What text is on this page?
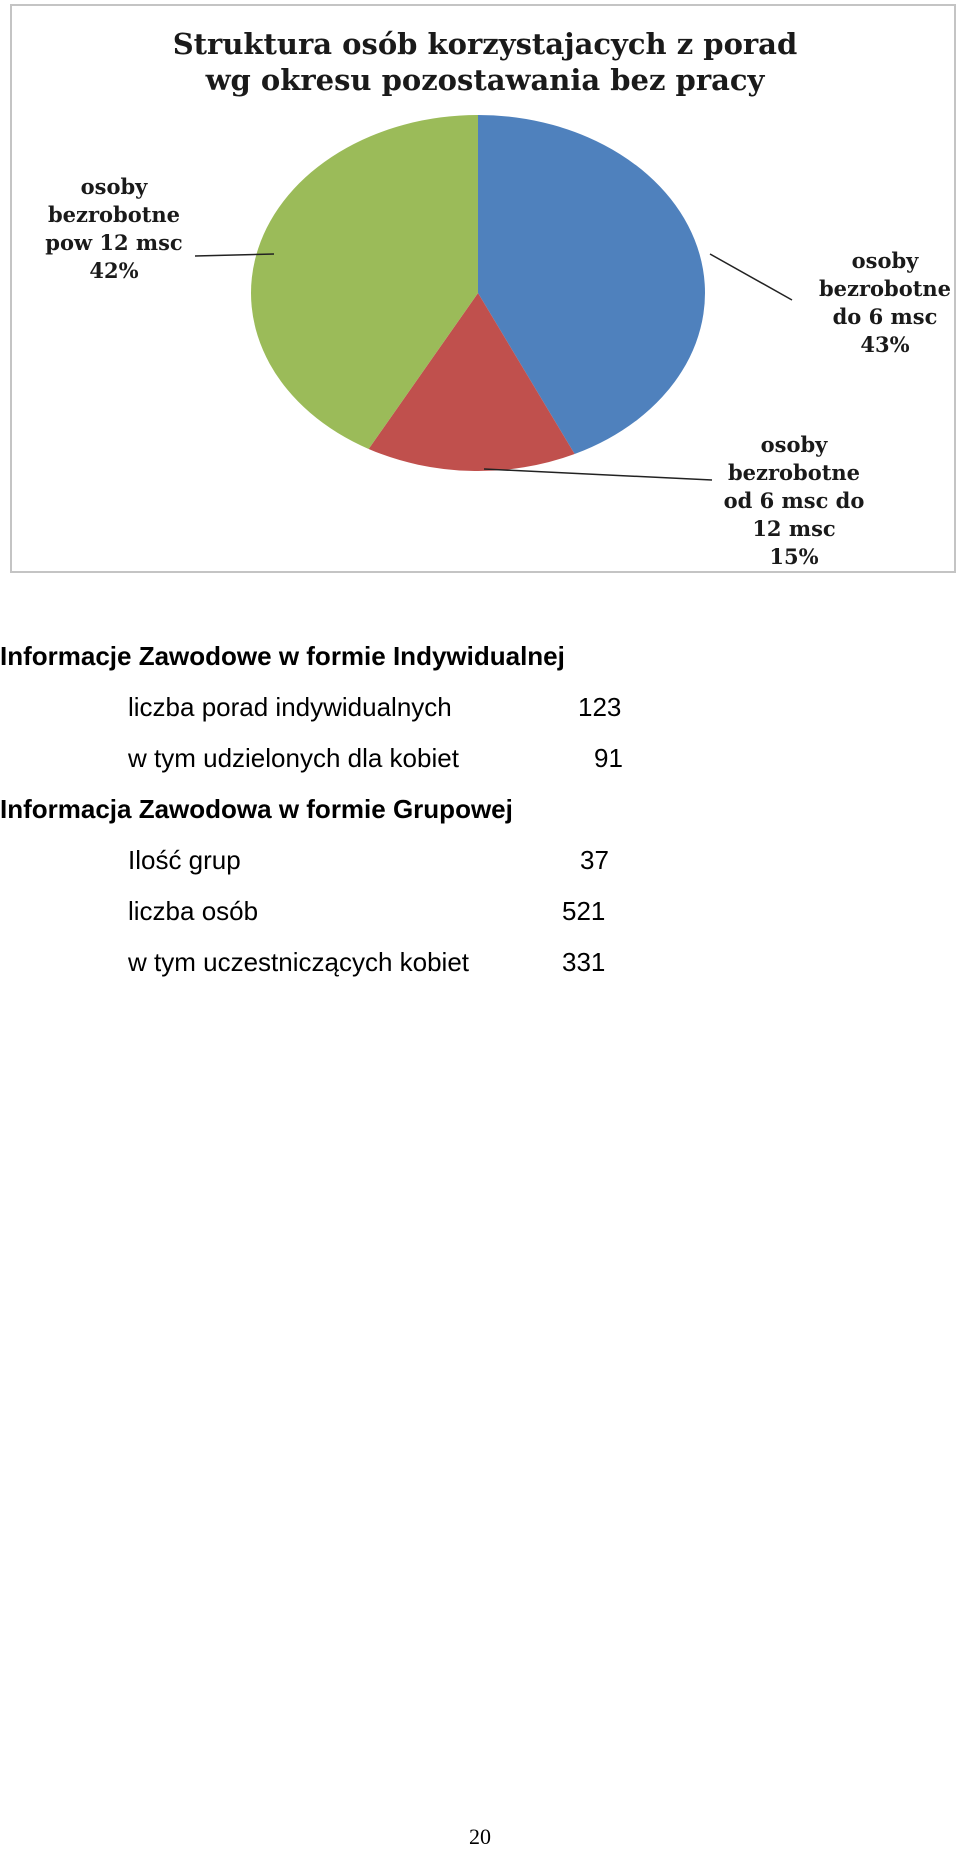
Struktura osób korzystajacych z porad
wg okresu pozostawania bez pracy
osoby bezrobotne do 6 msc 43%
osoby bezrobotne od 6 msc do 12 msc 15%
osoby bezrobotne pow 12 msc 42%
Informacje Zawodowe w formie Indywidualnej
liczba porad indywidualnych	123
w tym udzielonych dla kobiet	91
Informacja Zawodowa w formie Grupowej
Ilość grup	37
liczba osób	521
w tym uczestniczących kobiet	331
20
